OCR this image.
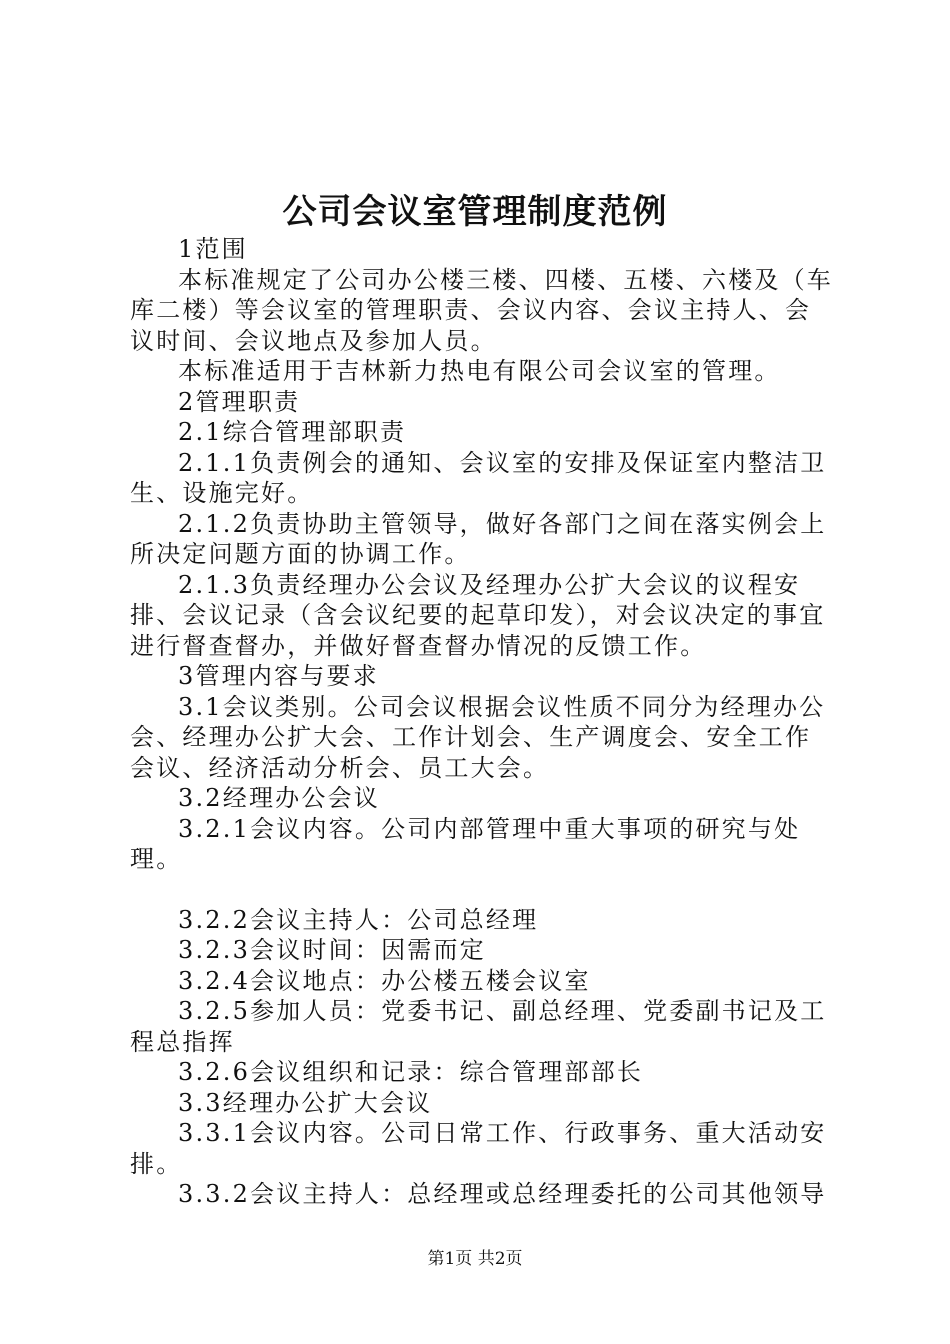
公司会议室管理制度范例

1范围

本标准规定了公司办公楼三楼、四楼、五楼、六楼及（车库二楼）等会议室的管理职责、会议内容、会议主持人、会议时间、会议地点及参加人员。

本标准适用于吉林新力热电有限公司会议室的管理。

2管理职责

2.1综合管理部职责

2.1.1负责例会的通知、会议室的安排及保证室内整洁卫生、设施完好。

2.1.2负责协助主管领导，做好各部门之间在落实例会上所决定问题方面的协调工作。

2.1.3负责经理办公会议及经理办公扩大会议的议程安排、会议记录（含会议纪要的起草印发），对会议决定的事宜进行督查督办，并做好督查督办情况的反馈工作。

3管理内容与要求

3.1会议类别。公司会议根据会议性质不同分为经理办公会、经理办公扩大会、工作计划会、生产调度会、安全工作会议、经济活动分析会、员工大会。

3.2经理办公会议

3.2.1会议内容。公司内部管理中重大事项的研究与处理。

3.2.2会议主持人：公司总经理

3.2.3会议时间：因需而定

3.2.4会议地点：办公楼五楼会议室

3.2.5参加人员：党委书记、副总经理、党委副书记及工程总指挥

3.2.6会议组织和记录：综合管理部部长

3.3经理办公扩大会议

3.3.1会议内容。公司日常工作、行政事务、重大活动安排。

3.3.2会议主持人：总经理或总经理委托的公司其他领导

第1页 共2页
